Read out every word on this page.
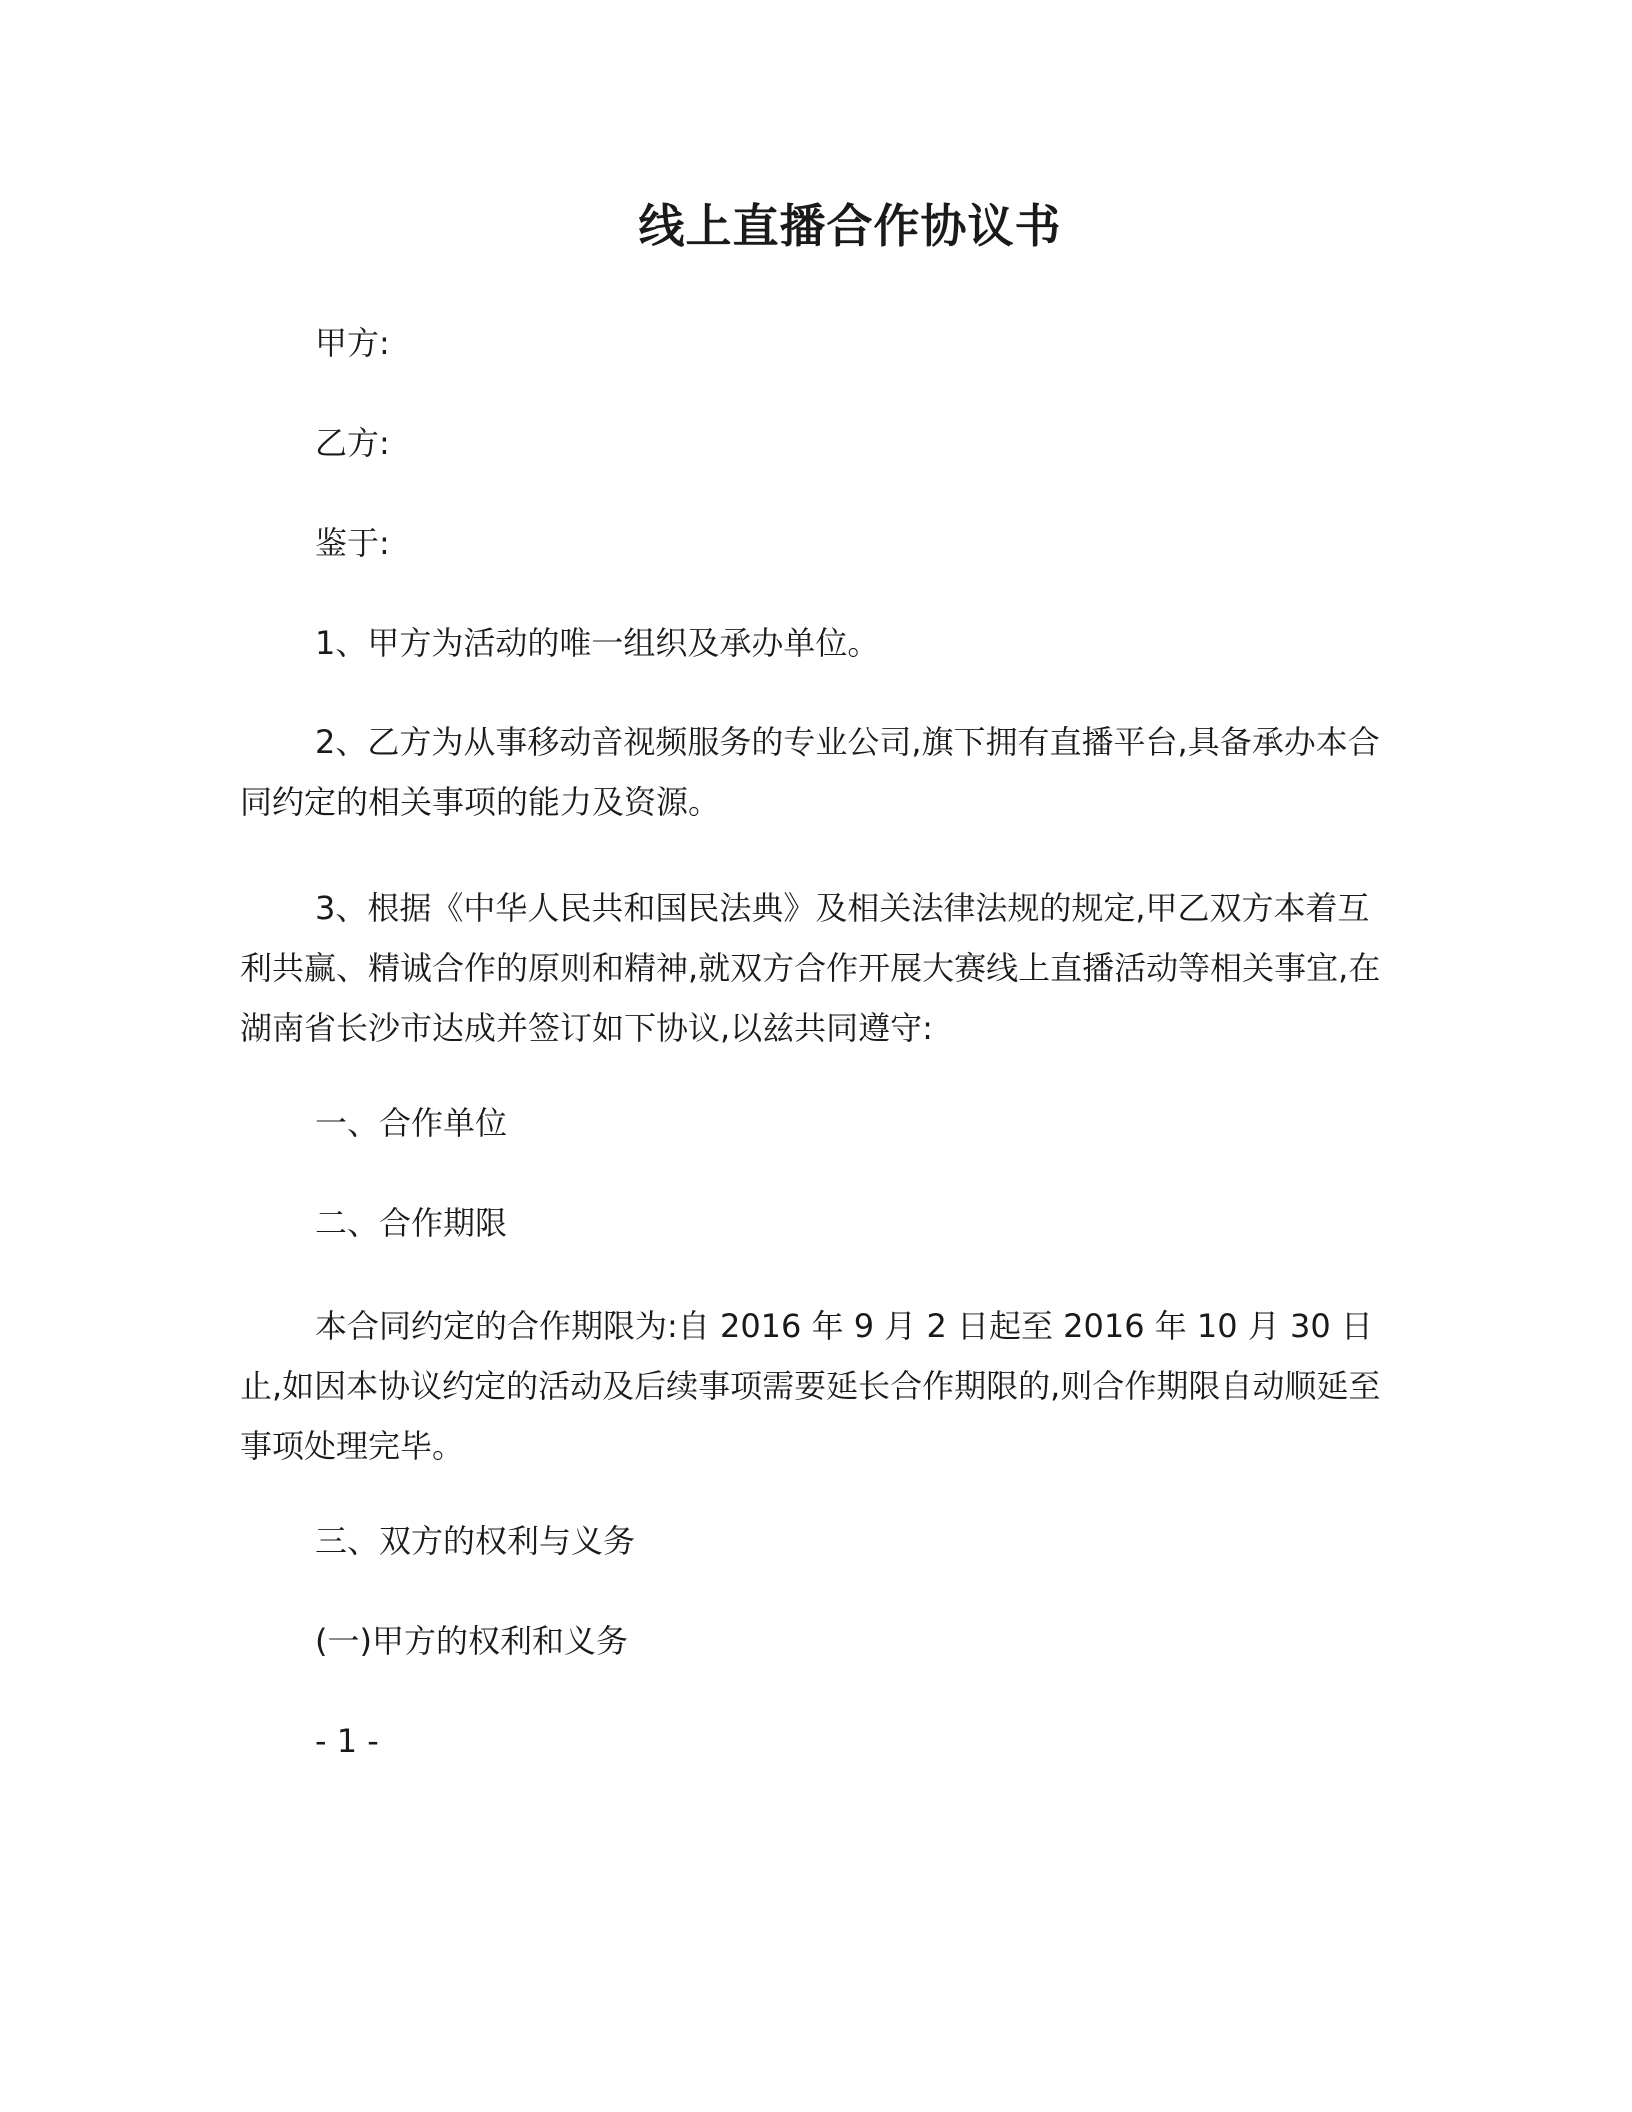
线上直播合作协议书
甲方:
乙方:
鉴于:
1、甲方为活动的唯一组织及承办单位。
2、乙方为从事移动音视频服务的专业公司,旗下拥有直播平台,具备承办本合同约定的相关事项的能力及资源。
3、根据《中华人民共和国民法典》及相关法律法规的规定,甲乙双方本着互利共赢、精诚合作的原则和精神,就双方合作开展大赛线上直播活动等相关事宜,在湖南省长沙市达成并签订如下协议,以兹共同遵守:
一、合作单位
二、合作期限
本合同约定的合作期限为:自 2016 年 9 月 2 日起至 2016 年 10 月 30 日止,如因本协议约定的活动及后续事项需要延长合作期限的,则合作期限自动顺延至事项处理完毕。
三、双方的权利与义务
(一)甲方的权利和义务
- 1 -
